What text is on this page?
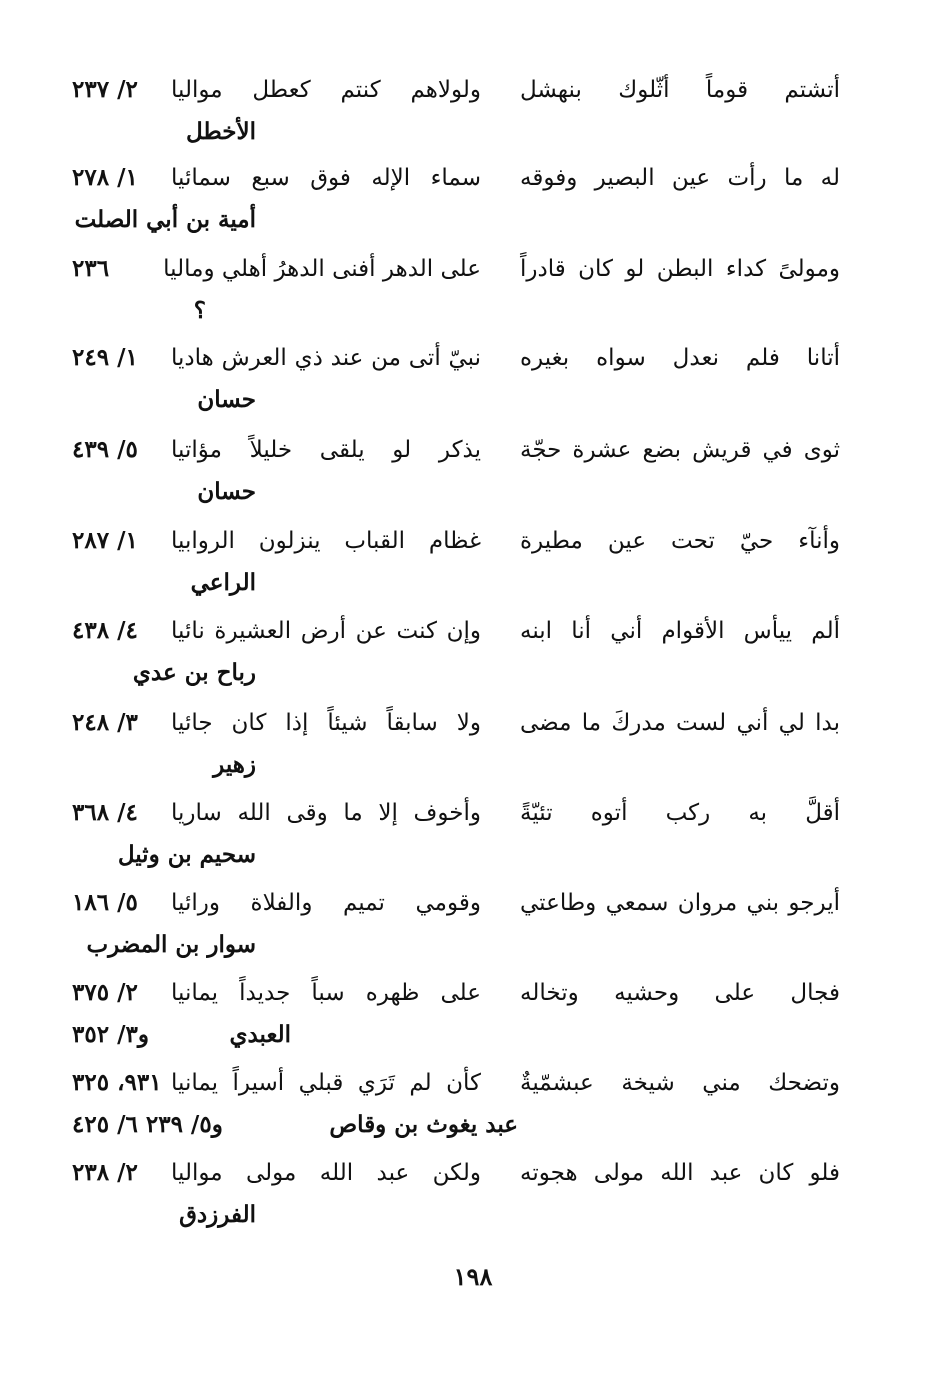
أتشتم قوماً أثّلوك بنهشل
ولولاهم كنتم كعطل مواليا
٢/ ٢٣٧
الأخطل
له ما رأت عين البصير وفوقه
سماء الإله فوق سبع سمائيا
١/ ٢٧٨
أمية بن أبي الصلت
ومولىً كداء البطن لو كان قادراً
على الدهر أفنى الدهرُ أهلي وماليا
٢٣٦
؟
أتانا فلم نعدل سواه بغيره
نبيّ أتى من عند ذي العرش هاديا
١/ ٢٤٩
حسان
ثوى في قريش بضع عشرة حجّة
يذكر لو يلقى خليلاً مؤاتيا
٥/ ٤٣٩
حسان
وأنآء حيّ تحت عين مطيرة
غظام القباب ينزلون الروابيا
١/ ٢٨٧
الراعي
ألم ييأس الأقوام أني أنا ابنه
وإن كنت عن أرض العشيرة نائيا
٤/ ٤٣٨
رباح بن عدي
بدا لي أني لست مدركَ ما مضى
ولا سابقاً شيئاً إذا كان جائيا
٣/ ٢٤٨
زهير
أقلَّ به ركب أتوه تئيّةً
وأخوف إلا ما وقى الله ساريا
٤/ ٣٦٨
سحيم بن وثيل
أيرجو بني مروان سمعي وطاعتي
وقومي تميم والفلاة ورائيا
٥/ ١٨٦
سوار بن المضرب
فجال على وحشيه وتخاله
على ظهره سباً جديداً يمانيا
٢/ ٣٧٥
العبدي
و٣/ ٣٥٢
وتضحك مني شيخة عبشمّيةٌ
كأن لم تَرَي قبلي أسيراً يمانيا
٩٣١، ٣٢٥
عبد يغوث بن وقاص
و٥/ ٢٣٩ ٦/ ٤٢٥
فلو كان عبد الله مولى هجوته
ولكن عبد الله مولى مواليا
٢/ ٢٣٨
الفرزدق
١٩٨
